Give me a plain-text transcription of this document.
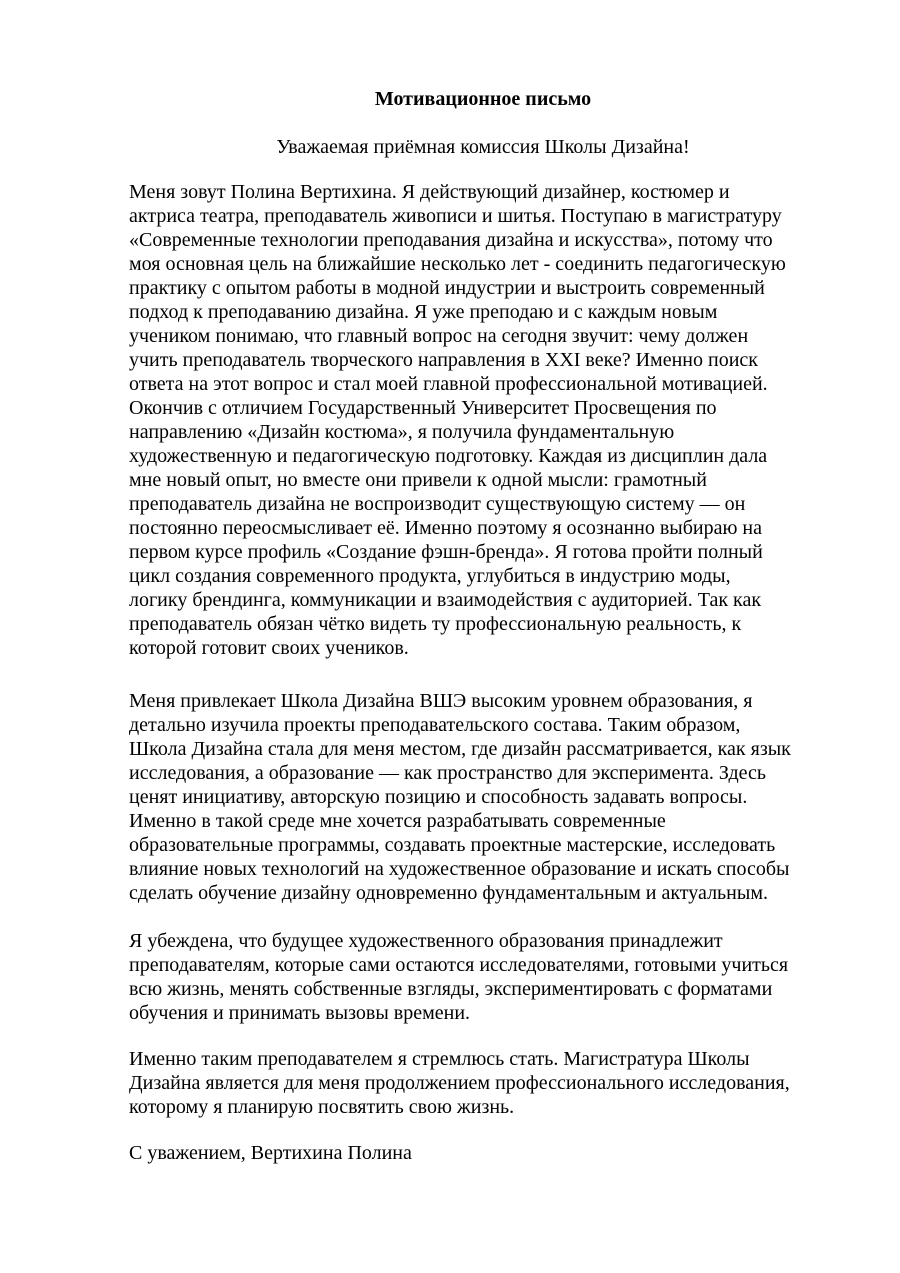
Мотивационное письмо
Уважаемая приёмная комиссия Школы Дизайна!
Меня зовут Полина Вертихина. Я действующий дизайнер, костюмер и
актриса театра, преподаватель живописи и шитья. Поступаю в магистратуру
«Современные технологии преподавания дизайна и искусства», потому что
моя основная цель на ближайшие несколько лет - соединить педагогическую
практику с опытом работы в модной индустрии и выстроить современный
подход к преподаванию дизайна. Я уже преподаю и с каждым новым
учеником понимаю, что главный вопрос на сегодня звучит: чему должен
учить преподаватель творческого направления в XXI веке? Именно поиск
ответа на этот вопрос и стал моей главной профессиональной мотивацией.
Окончив с отличием Государственный Университет Просвещения по
направлению «Дизайн костюма», я получила фундаментальную
художественную и педагогическую подготовку. Каждая из дисциплин дала
мне новый опыт, но вместе они привели к одной мысли: грамотный
преподаватель дизайна не воспроизводит существующую систему — он
постоянно переосмысливает её. Именно поэтому я осознанно выбираю на
первом курсе профиль «Создание фэшн-бренда». Я готова пройти полный
цикл создания современного продукта, углубиться в индустрию моды,
логику брендинга, коммуникации и взаимодействия с аудиторией. Так как
преподаватель обязан чётко видеть ту профессиональную реальность, к
которой готовит своих учеников.
Меня привлекает Школа Дизайна ВШЭ высоким уровнем образования, я
детально изучила проекты преподавательского состава. Таким образом,
Школа Дизайна стала для меня местом, где дизайн рассматривается, как язык
исследования, а образование — как пространство для эксперимента. Здесь
ценят инициативу, авторскую позицию и способность задавать вопросы.
Именно в такой среде мне хочется разрабатывать современные
образовательные программы, создавать проектные мастерские, исследовать
влияние новых технологий на художественное образование и искать способы
сделать обучение дизайну одновременно фундаментальным и актуальным.
Я убеждена, что будущее художественного образования принадлежит
преподавателям, которые сами остаются исследователями, готовыми учиться
всю жизнь, менять собственные взгляды, экспериментировать с форматами
обучения и принимать вызовы времени.
Именно таким преподавателем я стремлюсь стать. Магистратура Школы
Дизайна является для меня продолжением профессионального исследования,
которому я планирую посвятить свою жизнь.
С уважением, Вертихина Полина
